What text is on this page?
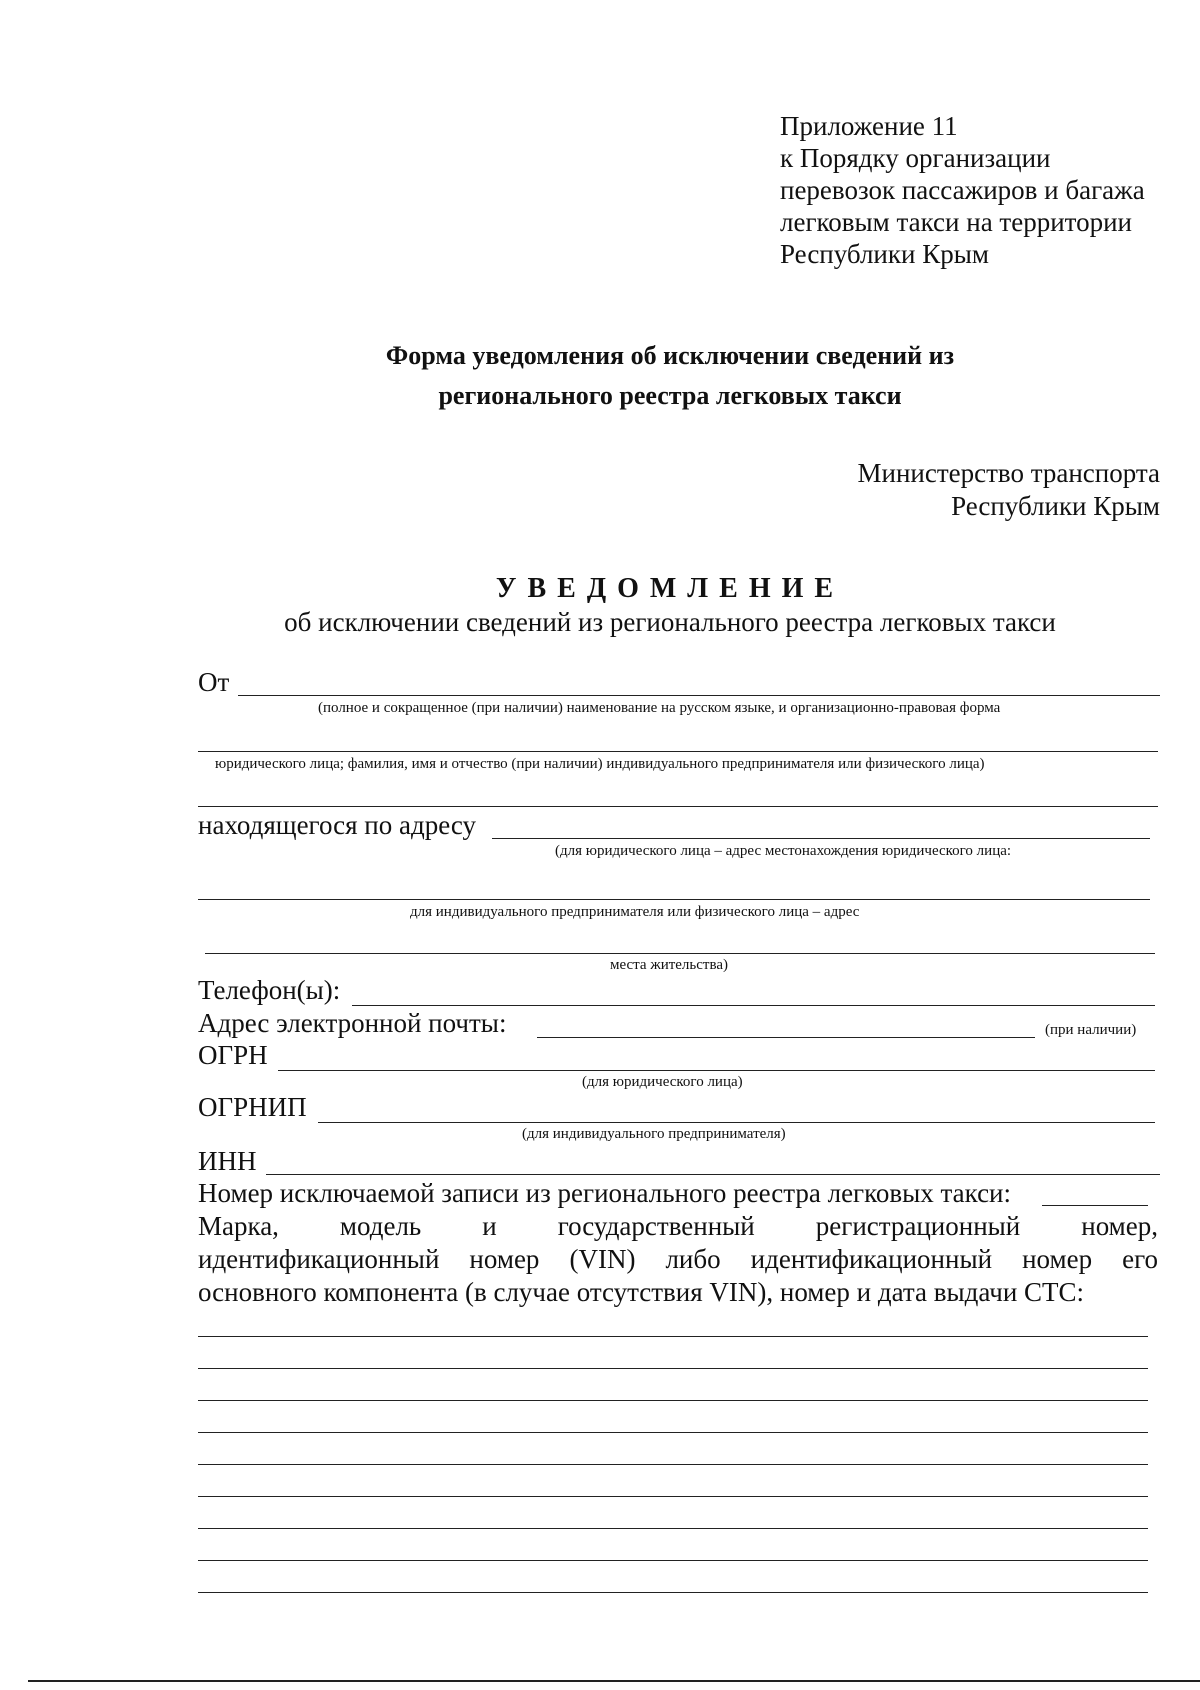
Приложение 11
к Порядку организации
перевозок пассажиров и багажа
легковым такси на территории
Республики Крым
Форма уведомления об исключении сведений из
регионального реестра легковых такси
Министерство транспорта
Республики Крым
УВЕДОМЛЕНИЕ
об исключении сведений из регионального реестра легковых такси
От
(полное и сокращенное (при наличии) наименование на русском языке, и организационно-правовая форма
юридического лица; фамилия, имя и отчество (при наличии) индивидуального предпринимателя или физического лица)
находящегося по адресу
(для юридического лица – адрес местонахождения юридического лица:
для индивидуального предпринимателя или физического лица – адрес
места жительства)
Телефон(ы):
Адрес электронной почты:	(при наличии)
ОГРН
(для юридического лица)
ОГРНИП
(для индивидуального предпринимателя)
ИНН
Номер исключаемой записи из регионального реестра легковых такси:
Марка, модель и государственный регистрационный номер,
идентификационный номер (VIN) либо идентификационный номер его
основного компонента (в случае отсутствия VIN), номер и дата выдачи СТС:
